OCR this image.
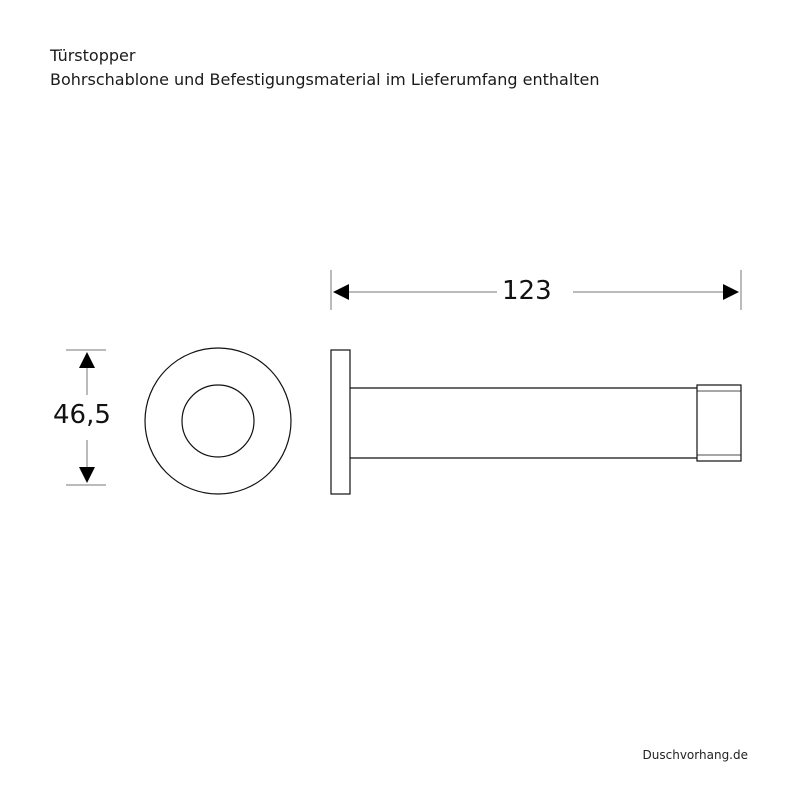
Türstopper
Bohrschablone und Befestigungsmaterial im Lieferumfang enthalten
123
46,5
Duschvorhang.de
